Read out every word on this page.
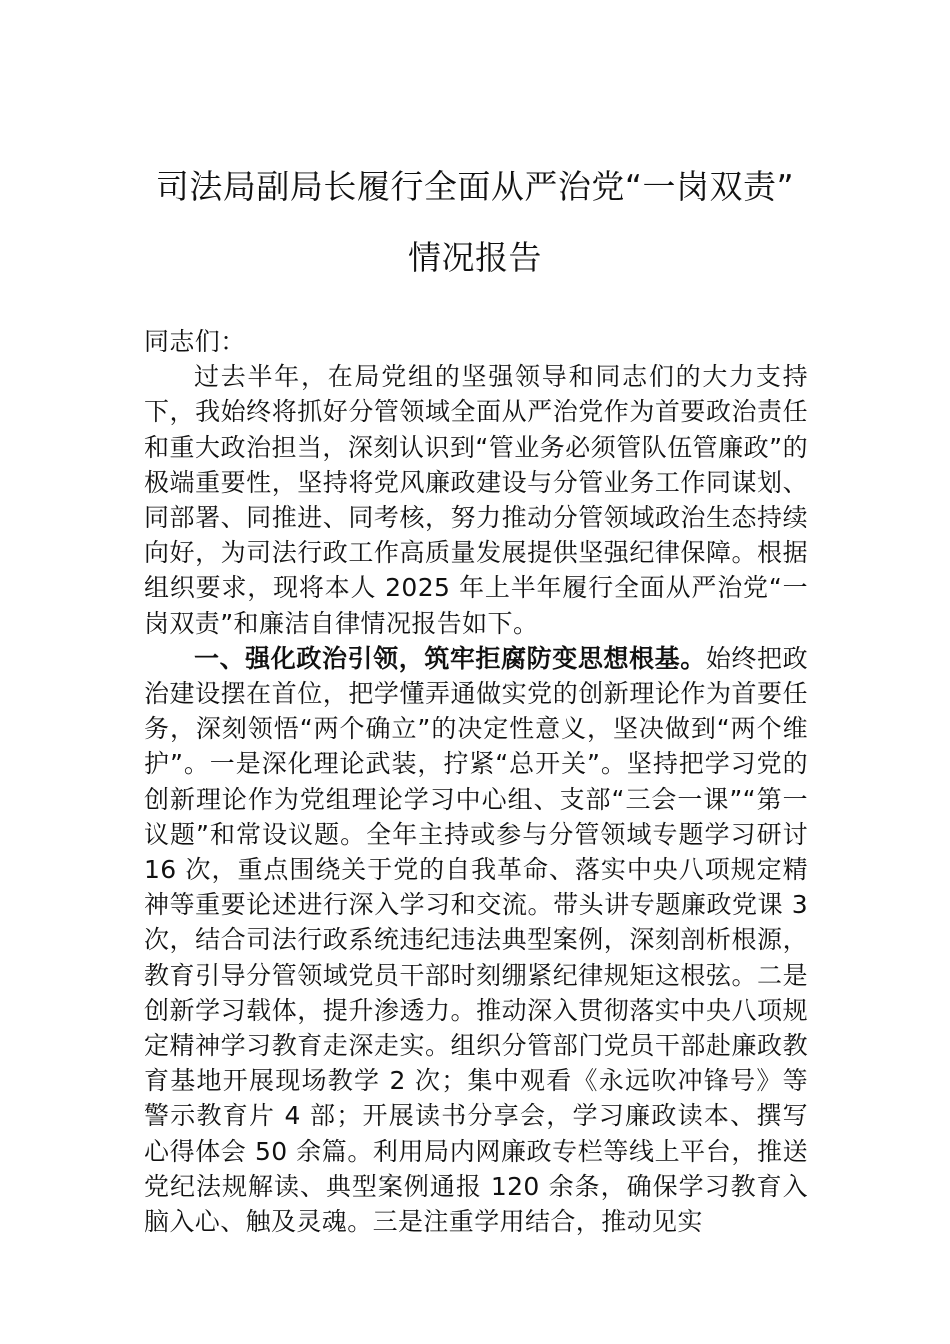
司法局副局长履行全面从严治党“一岗双责”
情况报告

同志们：

过去半年，在局党组的坚强领导和同志们的大力支持下，我始终将抓好分管领域全面从严治党作为首要政治责任和重大政治担当，深刻认识到“管业务必须管队伍管廉政”的极端重要性，坚持将党风廉政建设与分管业务工作同谋划、同部署、同推进、同考核，努力推动分管领域政治生态持续向好，为司法行政工作高质量发展提供坚强纪律保障。根据组织要求，现将本人 2025 年上半年履行全面从严治党“一岗双责”和廉洁自律情况报告如下。

一、强化政治引领，筑牢拒腐防变思想根基。始终把政治建设摆在首位，把学懂弄通做实党的创新理论作为首要任务，深刻领悟“两个确立”的决定性意义，坚决做到“两个维护”。一是深化理论武装，拧紧“总开关”。坚持把学习党的创新理论作为党组理论学习中心组、支部“三会一课”“第一议题”和常设议题。全年主持或参与分管领域专题学习研讨 16 次，重点围绕关于党的自我革命、落实中央八项规定精神等重要论述进行深入学习和交流。带头讲专题廉政党课 3 次，结合司法行政系统违纪违法典型案例，深刻剖析根源，教育引导分管领域党员干部时刻绷紧纪律规矩这根弦。二是创新学习载体，提升渗透力。推动深入贯彻落实中央八项规定精神学习教育走深走实。组织分管部门党员干部赴廉政教育基地开展现场教学 2 次；集中观看《永远吹冲锋号》等警示教育片 4 部；开展读书分享会，学习廉政读本、撰写心得体会 50 余篇。利用局内网廉政专栏等线上平台，推送党纪法规解读、典型案例通报 120 余条，确保学习教育入脑入心、触及灵魂。三是注重学用结合，推动见实
